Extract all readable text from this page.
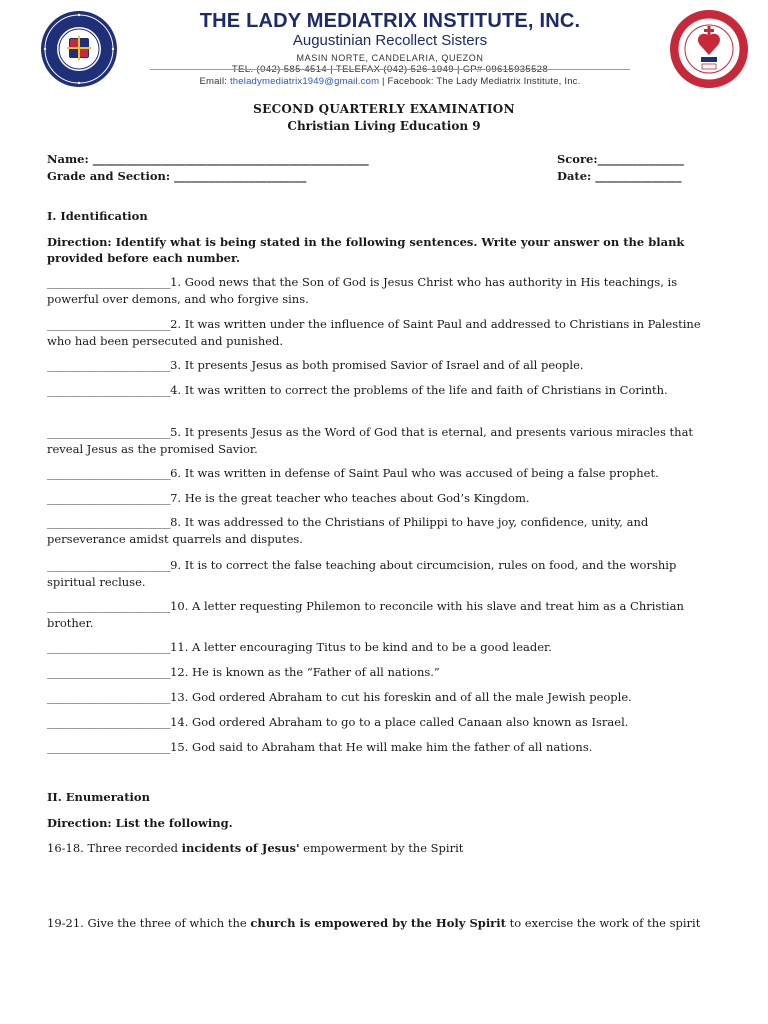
THE LADY MEDIATRIX INSTITUTE, INC.
Augustinian Recollect Sisters
MASIN NORTE, CANDELARIA, QUEZON
TEL. (042) 585-4514 | TELEFAX (042) 526-1949 | CP# 09615935528
Email: theladymediatrix1949@gmail.com | Facebook: The Lady Mediatrix Institute, Inc.
SECOND QUARTERLY EXAMINATION
Christian Living Education 9
Name: ________________________________________________
Grade and Section: _______________________
Score:_______________
Date: _______________
I. Identification
Direction: Identify what is being stated in the following sentences. Write your answer on the blank provided before each number.
_______________________1. Good news that the Son of God is Jesus Christ who has authority in His teachings, is powerful over demons, and who forgive sins.
_______________________2. It was written under the influence of Saint Paul and addressed to Christians in Palestine who had been persecuted and punished.
_______________________3. It presents Jesus as both promised Savior of Israel and of all people.
_______________________4. It was written to correct the problems of the life and faith of Christians in Corinth.
_______________________5. It presents Jesus as the Word of God that is eternal, and presents various miracles that reveal Jesus as the promised Savior.
_______________________6. It was written in defense of Saint Paul who was accused of being a false prophet.
_______________________7. He is the great teacher who teaches about God’s Kingdom.
_______________________8. It was addressed to the Christians of Philippi to have joy, confidence, unity, and perseverance amidst quarrels and disputes.
_______________________9. It is to correct the false teaching about circumcision, rules on food, and the worship spiritual recluse.
_______________________10. A letter requesting Philemon to reconcile with his slave and treat him as a Christian brother.
_______________________11. A letter encouraging Titus to be kind and to be a good leader.
_______________________12. He is known as the “Father of all nations.”
_______________________13. God ordered Abraham to cut his foreskin and of all the male Jewish people.
_______________________14. God ordered Abraham to go to a place called Canaan also known as Israel.
_______________________15. God said to Abraham that He will make him the father of all nations.
II. Enumeration
Direction: List the following.
16-18. Three recorded incidents of Jesus' empowerment by the Spirit
19-21. Give the three of which the church is empowered by the Holy Spirit to exercise the work of the spirit
